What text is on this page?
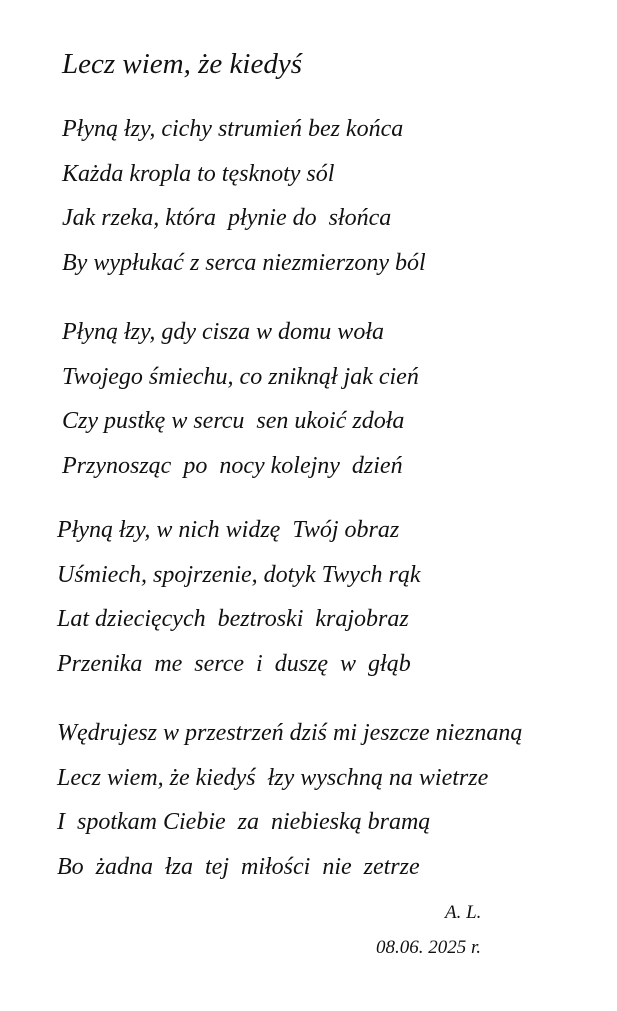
Lecz wiem, że kiedyś
Płyną łzy, cichy strumień bez końca
Każda kropla to tęsknoty sól
Jak rzeka, która  płynie do  słońca
By wypłukać z serca niezmierzony ból
Płyną łzy, gdy cisza w domu woła
Twojego śmiechu, co zniknął jak cień
Czy pustkę w sercu  sen ukoić zdoła
Przynosząc  po  nocy kolejny  dzień
Płyną łzy, w nich widzę  Twój obraz
Uśmiech, spojrzenie, dotyk Twych rąk
Lat dziecięcych  beztroski  krajobraz
Przenika  me  serce  i  duszę  w  głąb
Wędrujesz w przestrzeń dziś mi jeszcze nieznaną
Lecz wiem, że kiedyś  łzy wyschną na wietrze
I  spotkam Ciebie  za  niebieską bramą
Bo  żadna  łza  tej  miłości  nie  zetrze
A. L.
08.06. 2025 r.
